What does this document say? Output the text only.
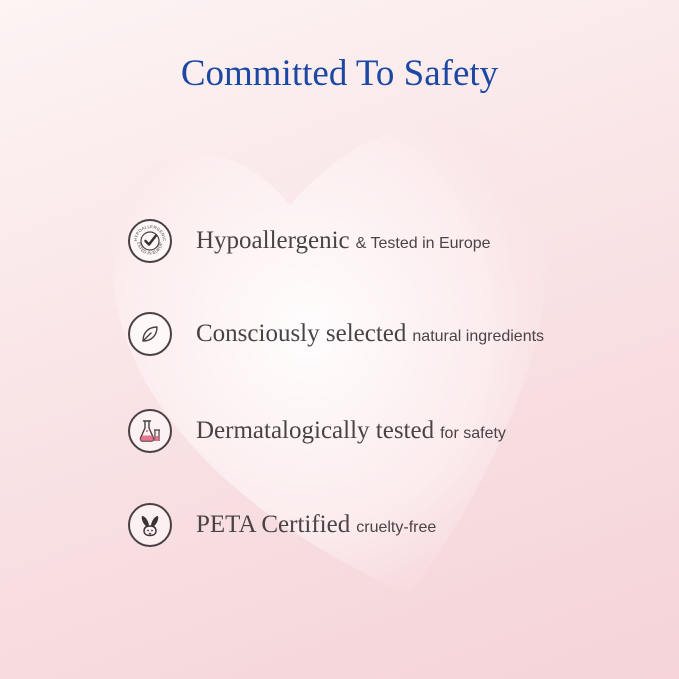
Committed To Safety
HYPOALLERGENIC
ESTED IN EUROP Hypoallergenic & Tested in Europe
Consciously selected natural ingredients
Dermatalogically tested for safety
PETA Certified cruelty-free
